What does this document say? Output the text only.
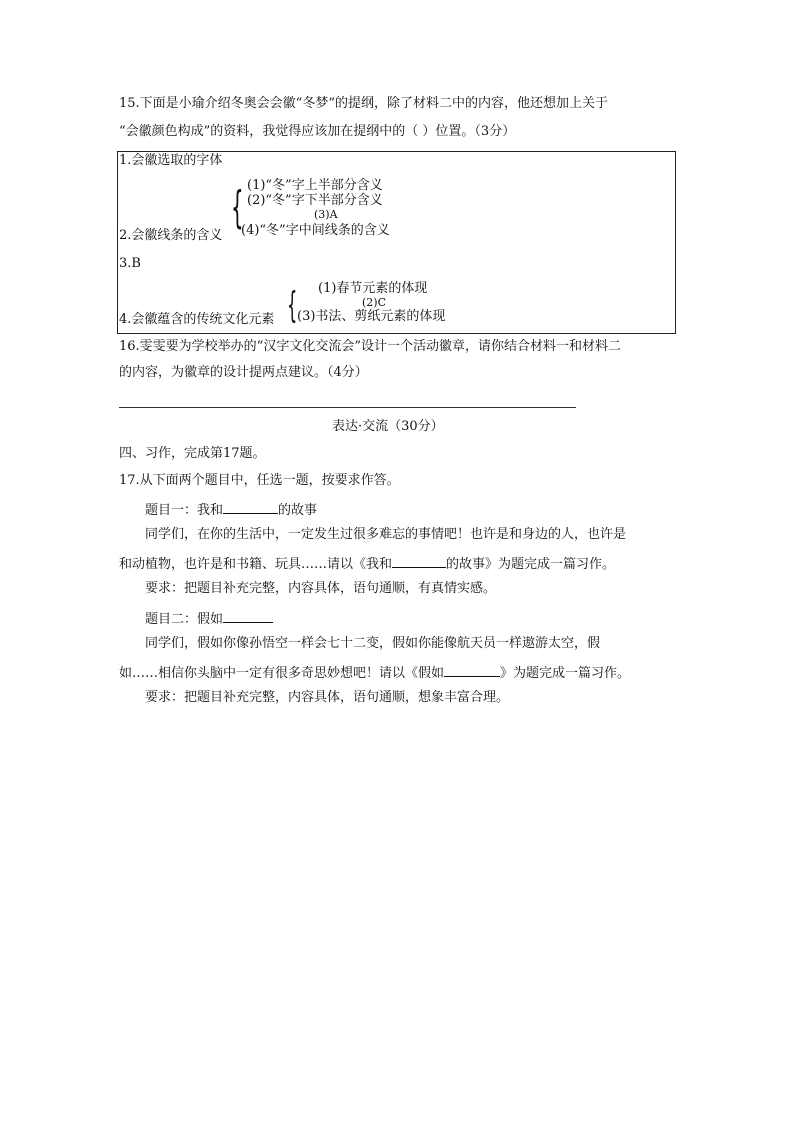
15.下面是小瑜介绍冬奥会会徽“冬梦”的提纲，除了材料二中的内容，他还想加上关于
“会徽颜色构成”的资料，我觉得应该加在提纲中的（ ）位置。（3分）
1.会徽选取的字体
(1)“冬”字上半部分含义
(2)“冬”字下半部分含义
(3)A
{
2.会徽线条的含义 (4)“冬”字中间线条的含义
3.B
(1)春节元素的体现
(2)C
{
4.会徽蕴含的传统文化元素 (3)书法、剪纸元素的体现
16.雯雯要为学校举办的“汉字文化交流会”设计一个活动徽章，请你结合材料一和材料二
的内容，为徽章的设计提两点建议。（4分）
表达·交流（30分）
四、习作，完成第17题。
17.从下面两个题目中，任选一题，按要求作答。
题目一：我和	的故事
同学们，在你的生活中，一定发生过很多难忘的事情吧！也许是和身边的人，也许是
和动植物，也许是和书籍、玩具……请以《我和	的故事》为题完成一篇习作。
要求：把题目补充完整，内容具体，语句通顺，有真情实感。
题目二：假如
同学们，假如你像孙悟空一样会七十二变，假如你能像航天员一样遨游太空，假
如……相信你头脑中一定有很多奇思妙想吧！请以《假如	》为题完成一篇习作。
要求：把题目补充完整，内容具体，语句通顺，想象丰富合理。
